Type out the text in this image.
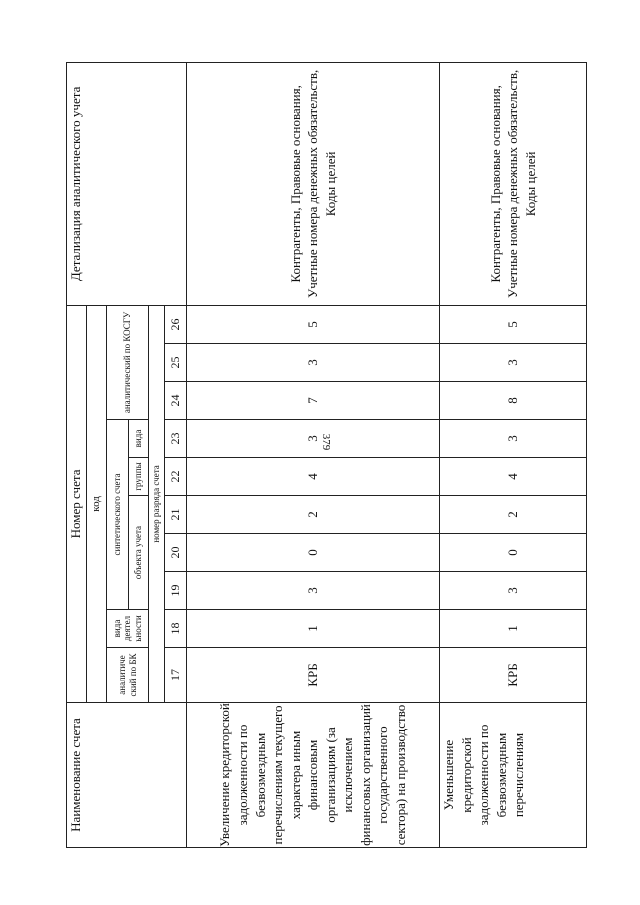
379
Наименование счета	Номер счета										Детализация аналитического учета
	код										
	аналитиче ский по БК	вида деятел ьности	синтетического счета					аналитический по КОСГУ			
			объекта учета			группы	вида				
	номер разряда счета										
	17	18	19	20	21	22	23	24	25	26	
Увеличение кредиторской задолженности по безвозмездным перечислениям текущего характера иным финансовым организациям (за исключением финансовых организаций государственного сектора) на производство	КРБ	1	3	0	2	4	3	7	3	5	Контрагенты, Правовые основания, Учетные номера денежных обязательств, Коды целей
Уменьшение кредиторской задолженности по безвозмездным перечислениям	КРБ	1	3	0	2	4	3	8	3	5	Контрагенты, Правовые основания, Учетные номера денежных обязательств, Коды целей
